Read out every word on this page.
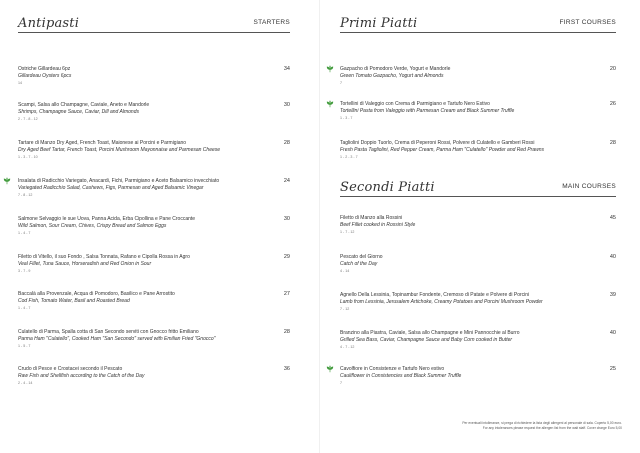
Antipasti	STARTERS
Ostriche Gillardeau 6pz
Gillardeau Oysters 6pcs
14
34
Scampi, Salsa allo Champagne, Caviale, Aneto e Mandorle
Shrimps, Champagne Sauce, Caviar, Dill and Almonds
2 - 7 - 8 - 12
30
Tartare di Manzo Dry Aged, French Toast, Maionese ai Porcini e Parmigiano
Dry Aged Beef Tartar, French Toast, Porcini Mushroom Mayonnaise and Parmesan Cheese
1 - 3 - 7 - 10
28
Insalata di Radicchio Variegato, Anacardi, Fichi, Parmigiano e Aceto Balsamico invecchiato
Variegated Radicchio Salad, Cashews, Figs, Parmesan and Aged Balsamic Vinegar
7 - 8 - 12
24
Salmone Selvaggio le sue Uova, Panna Acida, Erba Cipollina e Pane Croccante
Wild Salmon, Sour Cream, Chives, Crispy Bread and Salmon Eggs
1 - 4 - 7
30
Filetto di Vitello, il suo Fondo , Salsa Tonnata, Rafano e Cipolla Rossa in Agro
Veal Fillet, Tuna Sauce, Horseradish and Red Onion in Sour
3 - 7 - 9
29
Baccalà alla Provenzale, Acqua di Pomodoro, Basilico e Pane Arrostito
Cod Fish, Tomato Water, Basil and Roasted Bread
1 - 4 - 7
27
Culatello di Parma, Spalla cotta di San Secondo serviti con Gnocco fritto Emiliano
Parma Ham "Culatello", Cooked Ham "San Secondo" served with Emilian Fried "Gnocco"
1 - 5 - 7
28
Crudo di Pesce e Crostacei secondo il Pescato
Raw Fish and Shellfish according to the Catch of the Day
2 - 4 - 14
36
Primi Piatti	FIRST COURSES
Gazpacho di Pomodoro Verde, Yogurt e Mandorle
Green Tomato Gazpacho, Yogurt and Almonds
7
20
Tortellini di Valeggio con Crema di Parmigiano e Tartufo Nero Estivo
Tortellini Pasta from Valeggio with Parmesan Cream and Black Summer Truffle
1 - 3 - 7
26
Tagliolini Doppio Tuorlo, Crema di Peperoni Rossi, Polvere di Culatello e Gamberi Rossi
Fresh Pasta Tagliolini, Red Pepper Cream, Parma Ham "Culatello" Powder and Red Prawns
1 - 2 - 3 - 7
28
Secondi Piatti	MAIN COURSES
Filetto di Manzo alla Rossini
Beef Fillet cooked in Rossini Style
1 - 7 - 12
45
Pescato del Giorno
Catch of the Day
4 - 14
40
Agnello Della Lessinia, Topinambur Fondente, Cremoso di Patate e Polvere di Porcini
Lamb from Lessinia, Jerusalem Artichoke, Creamy Potatoes and Porcini Mushroom Powder
7 - 12
39
Branzino alla Piastra, Caviale, Salsa allo Champagne e Mini Pannocchie al Burro
Grilled Sea Bass, Caviar, Champagne Sauce and Baby Corn cooked in Butter
4 - 7 - 12
40
Cavolfiore in Consistenze e Tartufo Nero estivo
Cauliflower in Consistencies and Black Summer Truffle
7
25
Per eventuali intolleranze, si prega di richiedere la lista degli allergeni al personale di sala. Coperto 5,00 euro.
For any intolerances please request the allergen list from the wait staff. Cover charge Euro 5,00
